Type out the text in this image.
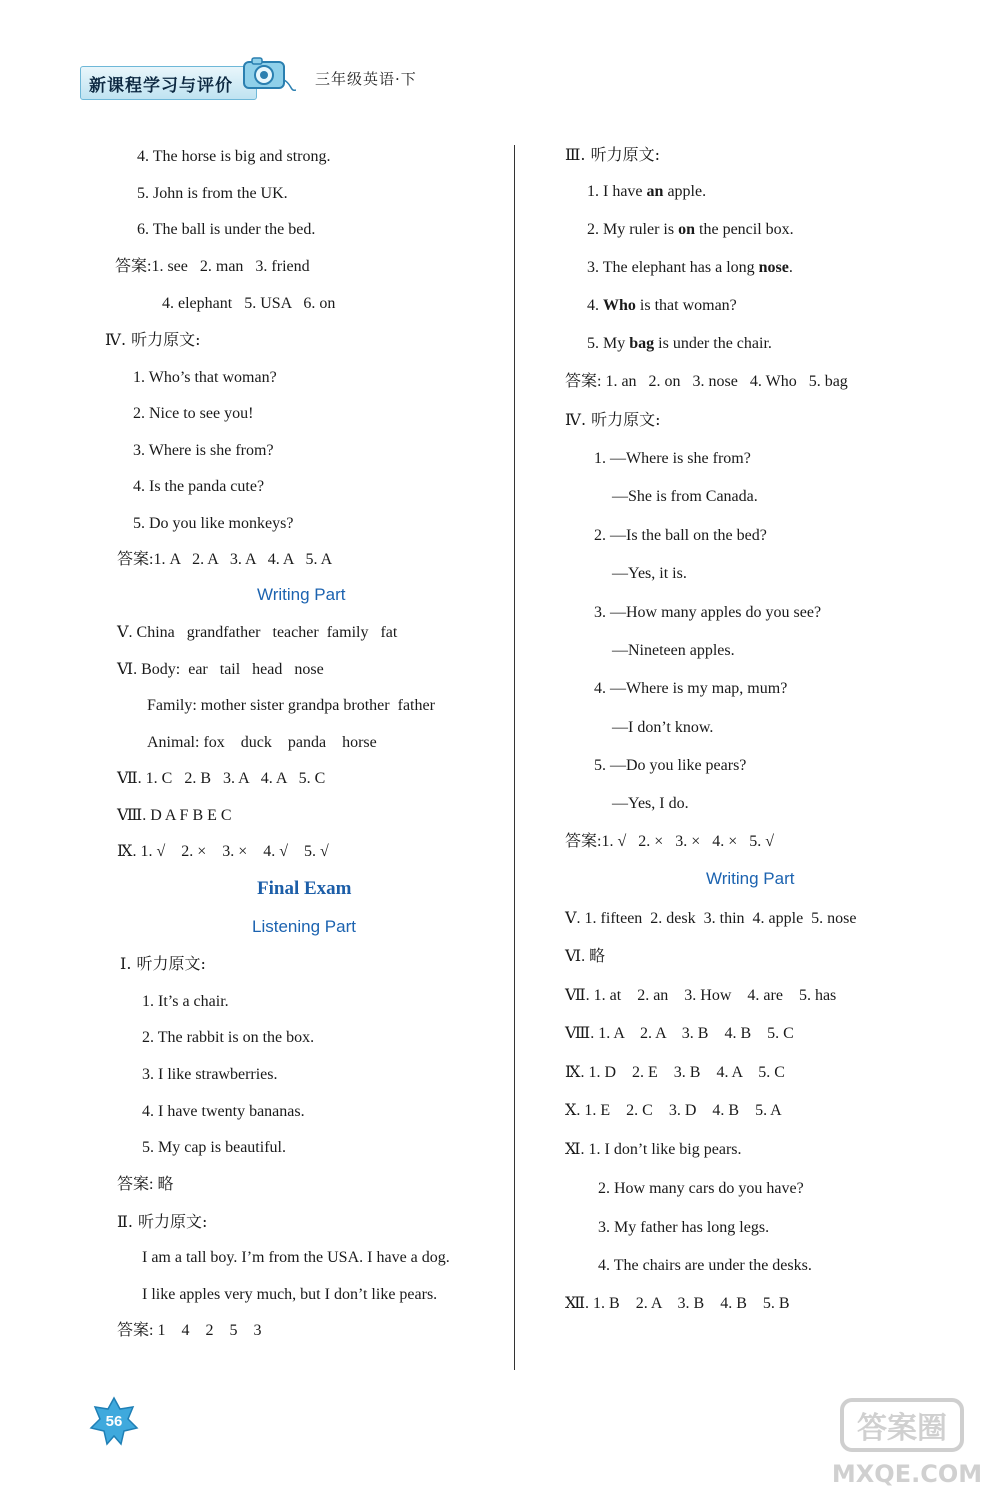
新课程学习与评价	三年级英语·下
4. The horse is big and strong.
5. John is from the UK.
6. The ball is under the bed.
答案:1. see   2. man   3. friend
4. elephant   5. USA   6. on
Ⅳ. 听力原文:
1. Who’s that woman?
2. Nice to see you!
3. Where is she from?
4. Is the panda cute?
5. Do you like monkeys?
答案:1. A   2. A   3. A   4. A   5. A
Writing Part
Ⅴ. China   grandfather   teacher  family   fat
Ⅵ. Body:  ear   tail   head   nose
Family: mother sister grandpa brother  father
Animal: fox    duck    panda    horse
Ⅶ. 1. C   2. B   3. A   4. A   5. C
Ⅷ. D A F B E C
Ⅸ. 1. √    2. ×    3. ×    4. √    5. √
Final Exam
Listening Part
Ⅰ. 听力原文:
1. It’s a chair.
2. The rabbit is on the box.
3. I like strawberries.
4. I have twenty bananas.
5. My cap is beautiful.
答案: 略
Ⅱ. 听力原文:
I am a tall boy. I’m from the USA. I have a dog.
I like apples very much, but I don’t like pears.
答案: 1    4    2    5    3
Ⅲ. 听力原文:
1. I have an apple.
2. My ruler is on the pencil box.
3. The elephant has a long nose.
4. Who is that woman?
5. My bag is under the chair.
答案: 1. an   2. on   3. nose   4. Who   5. bag
Ⅳ. 听力原文:
1. —Where is she from?
—She is from Canada.
2. —Is the ball on the bed?
—Yes, it is.
3. —How many apples do you see?
—Nineteen apples.
4. —Where is my map, mum?
—I don’t know.
5. —Do you like pears?
—Yes, I do.
答案:1. √   2. ×   3. ×   4. ×   5. √
Writing Part
Ⅴ. 1. fifteen  2. desk  3. thin  4. apple  5. nose
Ⅵ. 略
Ⅶ. 1. at    2. an    3. How    4. are    5. has
Ⅷ. 1. A    2. A    3. B    4. B    5. C
Ⅸ. 1. D    2. E    3. B    4. A    5. C
Ⅹ. 1. E    2. C    3. D    4. B    5. A
Ⅺ. 1. I don’t like big pears.
2. How many cars do you have?
3. My father has long legs.
4. The chairs are under the desks.
Ⅻ. 1. B    2. A    3. B    4. B    5. B
56	答案圈
MXQE.COM
